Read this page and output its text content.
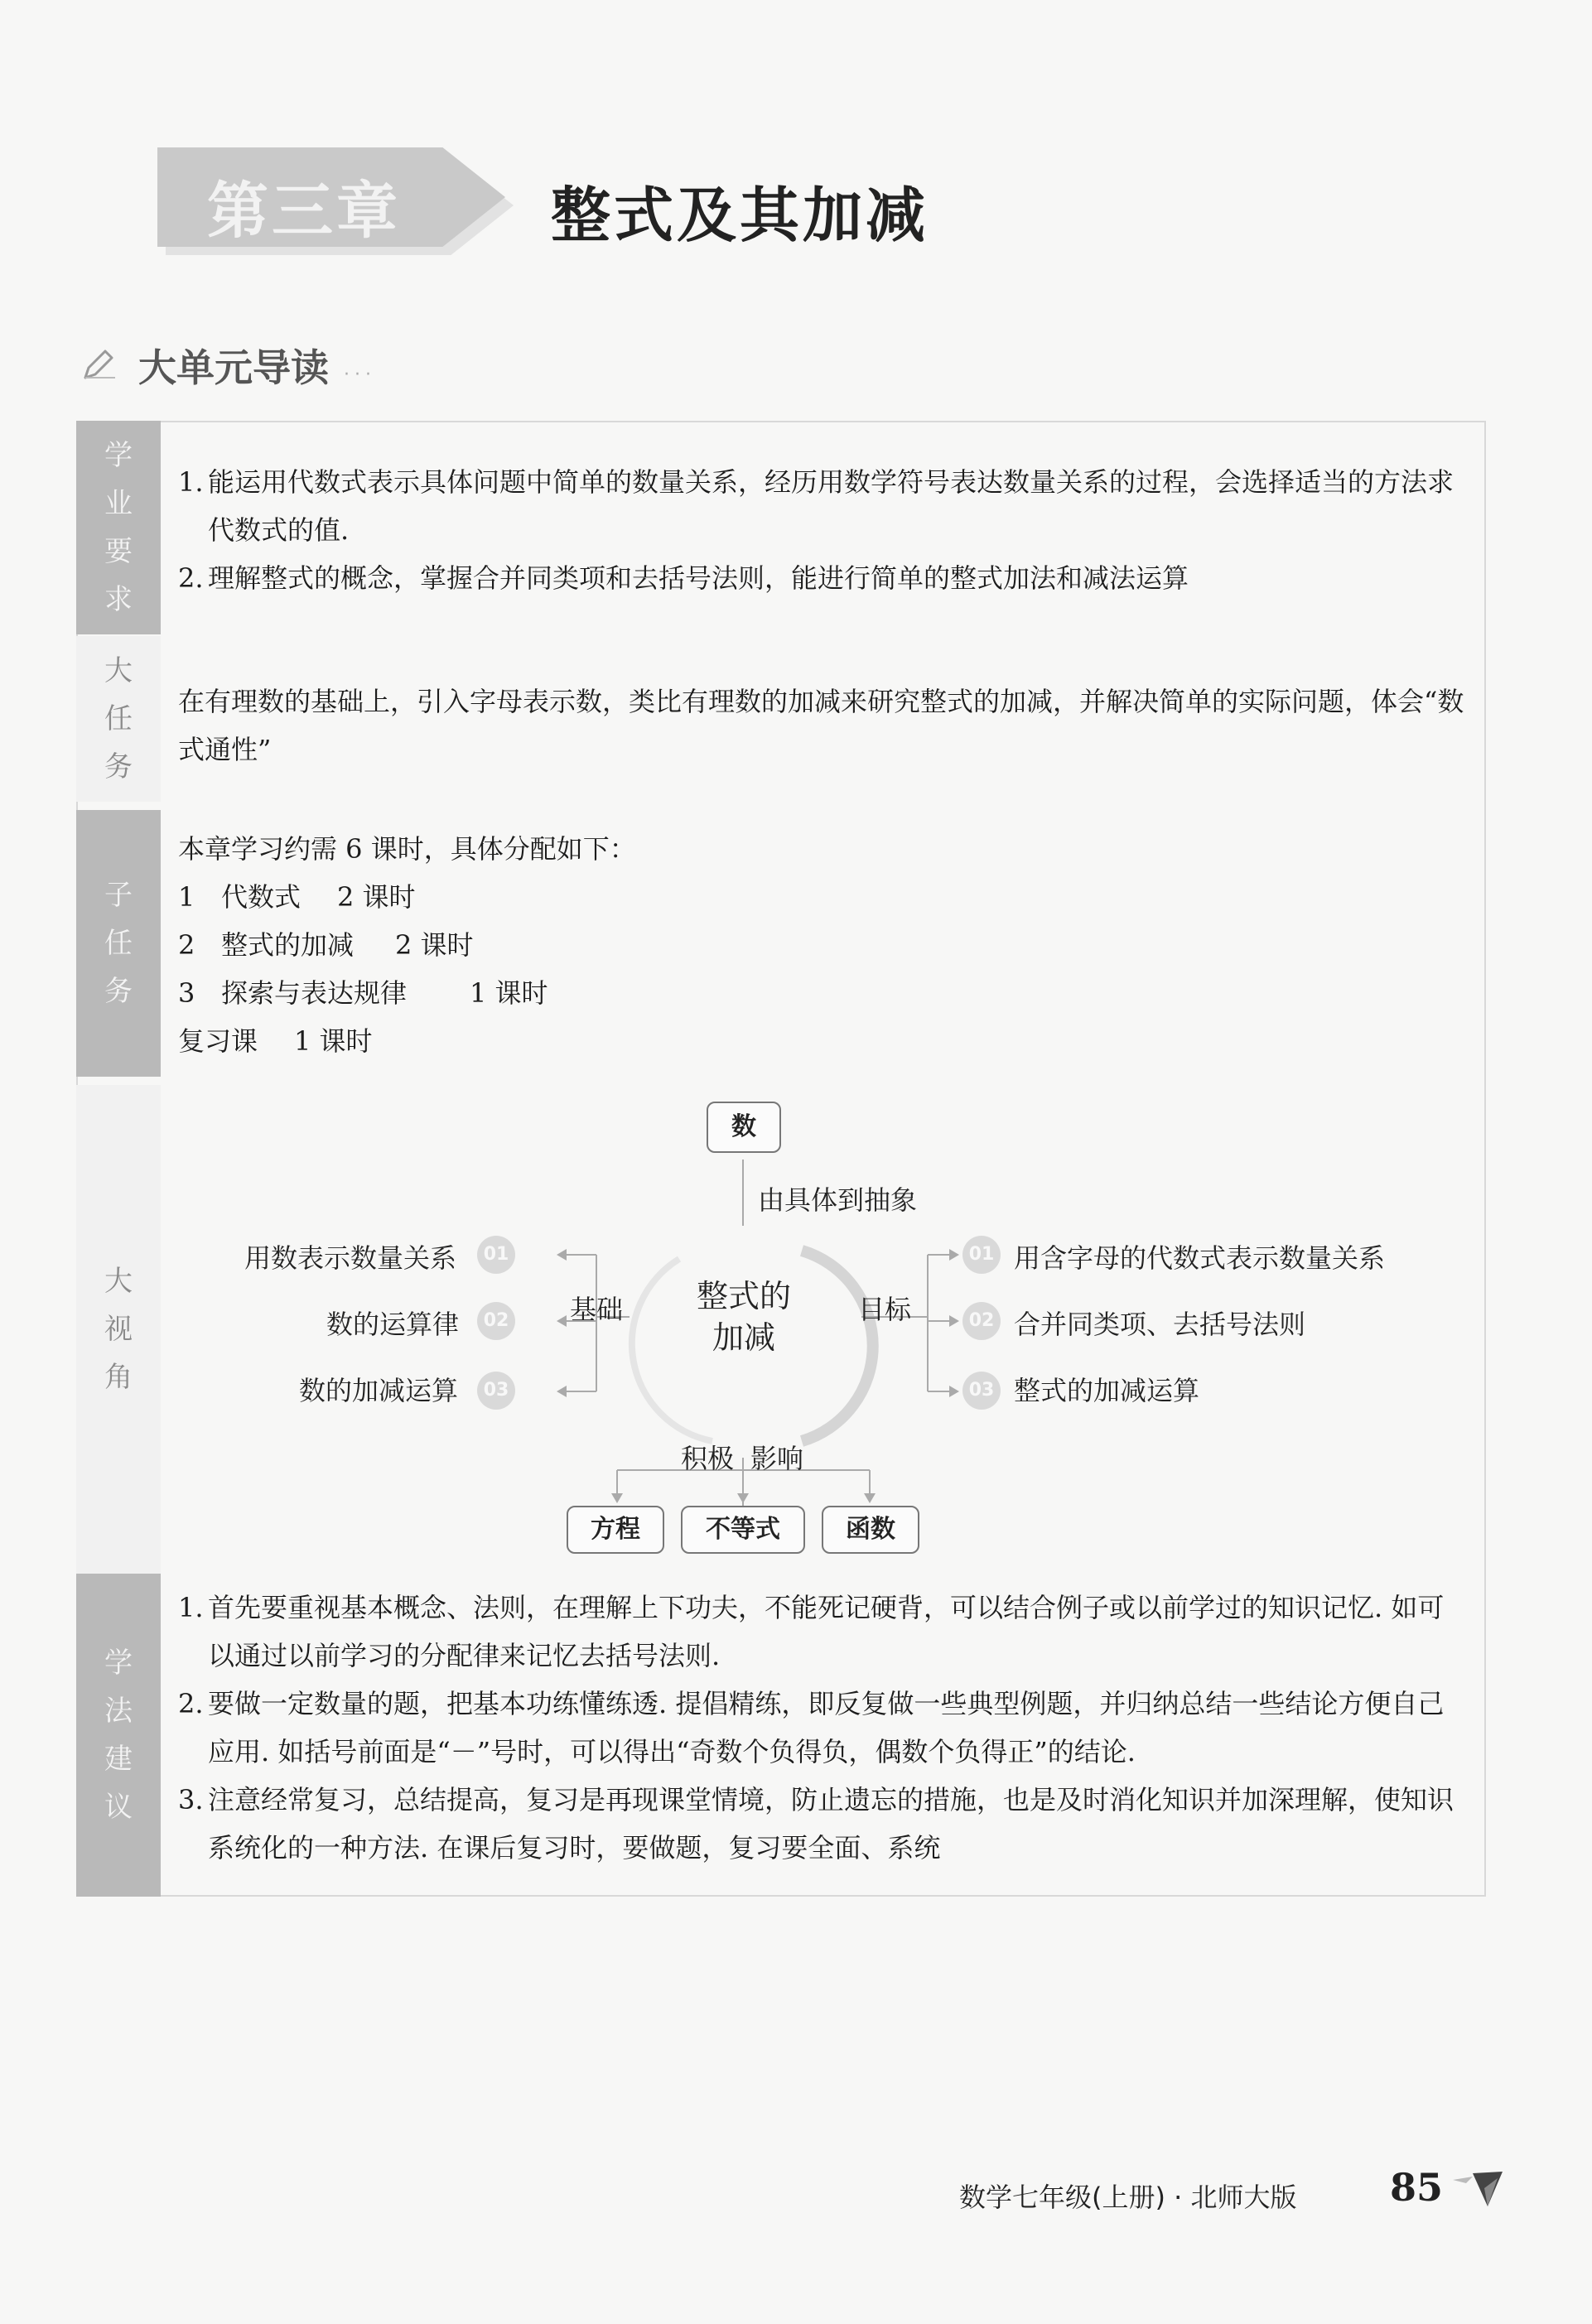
第三章	整式及其加减
大单元导读 ···
学
业
要
求
1. 能运用代数式表示具体问题中简单的数量关系，经历用数学符号表达数量关系的过程，会选择适当的方法求代数式的值.
2. 理解整式的概念，掌握合并同类项和去括号法则，能进行简单的整式加法和减法运算
大
任
务
在有理数的基础上，引入字母表示数，类比有理数的加减来研究整式的加减，并解决简单的实际问题，体会“数式通性”
子
任
务
本章学习约需 6 课时，具体分配如下：
1 代数式	2 课时
2 整式的加减	2 课时
3 探索与表达规律	1 课时
复习课	1 课时
大
视
角
数
由具体到抽象
整式的
加减
基础	目标
用数表示数量关系	01
数的运算律	02
数的加减运算	03
01 用含字母的代数式表示数量关系
02 合并同类项、去括号法则
03 整式的加减运算
积极 影响
方程	不等式	函数
学
法
建
议
1. 首先要重视基本概念、法则，在理解上下功夫，不能死记硬背，可以结合例子或以前学过的知识记忆. 如可以通过以前学习的分配律来记忆去括号法则.
2. 要做一定数量的题，把基本功练懂练透. 提倡精练，即反复做一些典型例题，并归纳总结一些结论方便自己应用. 如括号前面是“－”号时，可以得出“奇数个负得负，偶数个负得正”的结论.
3. 注意经常复习，总结提高，复习是再现课堂情境，防止遗忘的措施，也是及时消化知识并加深理解，使知识系统化的一种方法. 在课后复习时，要做题，复习要全面、系统
数学七年级(上册) · 北师大版 85
